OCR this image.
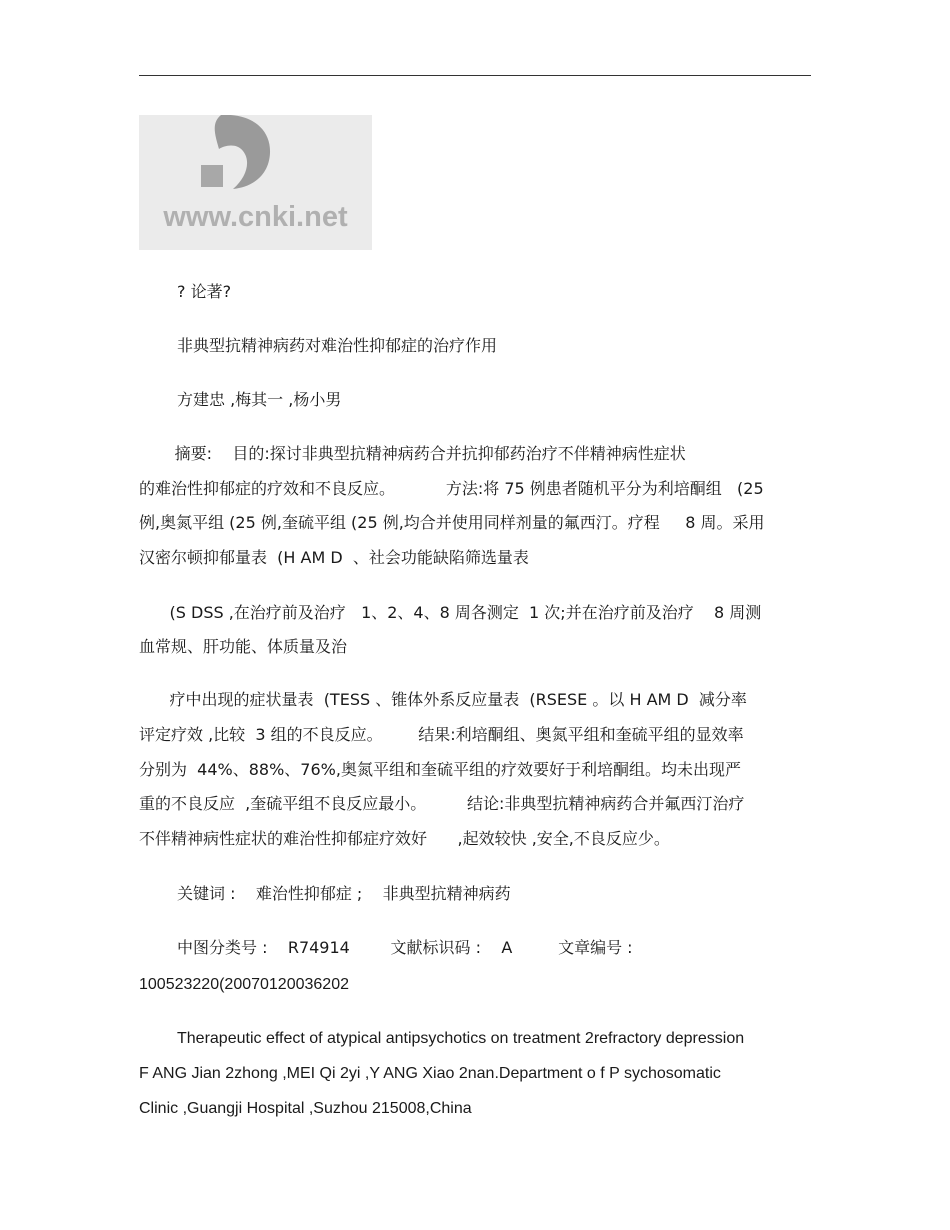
www.cnki.net

? 论著?

非典型抗精神病药对难治性抑郁症的治疗作用

方建忠 ,梅其一 ,杨小男

摘要:    目的:探讨非典型抗精神病药合并抗抑郁药治疗不伴精神病性症状

的难治性抑郁症的疗效和不良反应。          方法:将 75 例患者随机平分为利培酮组   (25

例,奥氮平组 (25 例,奎硫平组 (25 例,均合并使用同样剂量的氟西汀。疗程     8 周。采用

汉密尔顿抑郁量表  (H AM D  、社会功能缺陷筛选量表

(S DSS ,在治疗前及治疗   1、2、4、8 周各测定  1 次;并在治疗前及治疗    8 周测

血常规、肝功能、体质量及治

疗中出现的症状量表  (TESS 、锥体外系反应量表  (RSESE 。以 H AM D  减分率

评定疗效 ,比较  3 组的不良反应。       结果:利培酮组、奥氮平组和奎硫平组的显效率

分别为  44%、88%、76%,奥氮平组和奎硫平组的疗效要好于利培酮组。均未出现严

重的不良反应  ,奎硫平组不良反应最小。        结论:非典型抗精神病药合并氟西汀治疗

不伴精神病性症状的难治性抑郁症疗效好      ,起效较快 ,安全,不良反应少。

关键词 :    难治性抑郁症 ;    非典型抗精神病药

中图分类号 :    R74914        文献标识码 :    A         文章编号 :

100523220(20070120036202

Therapeutic effect of atypical antipsychotics on treatment 2refractory depression

F ANG Jian 2zhong ,MEI Qi 2yi ,Y ANG Xiao 2nan.Department o f P sychosomatic

Clinic ,Guangji Hospital ,Suzhou 215008,China
